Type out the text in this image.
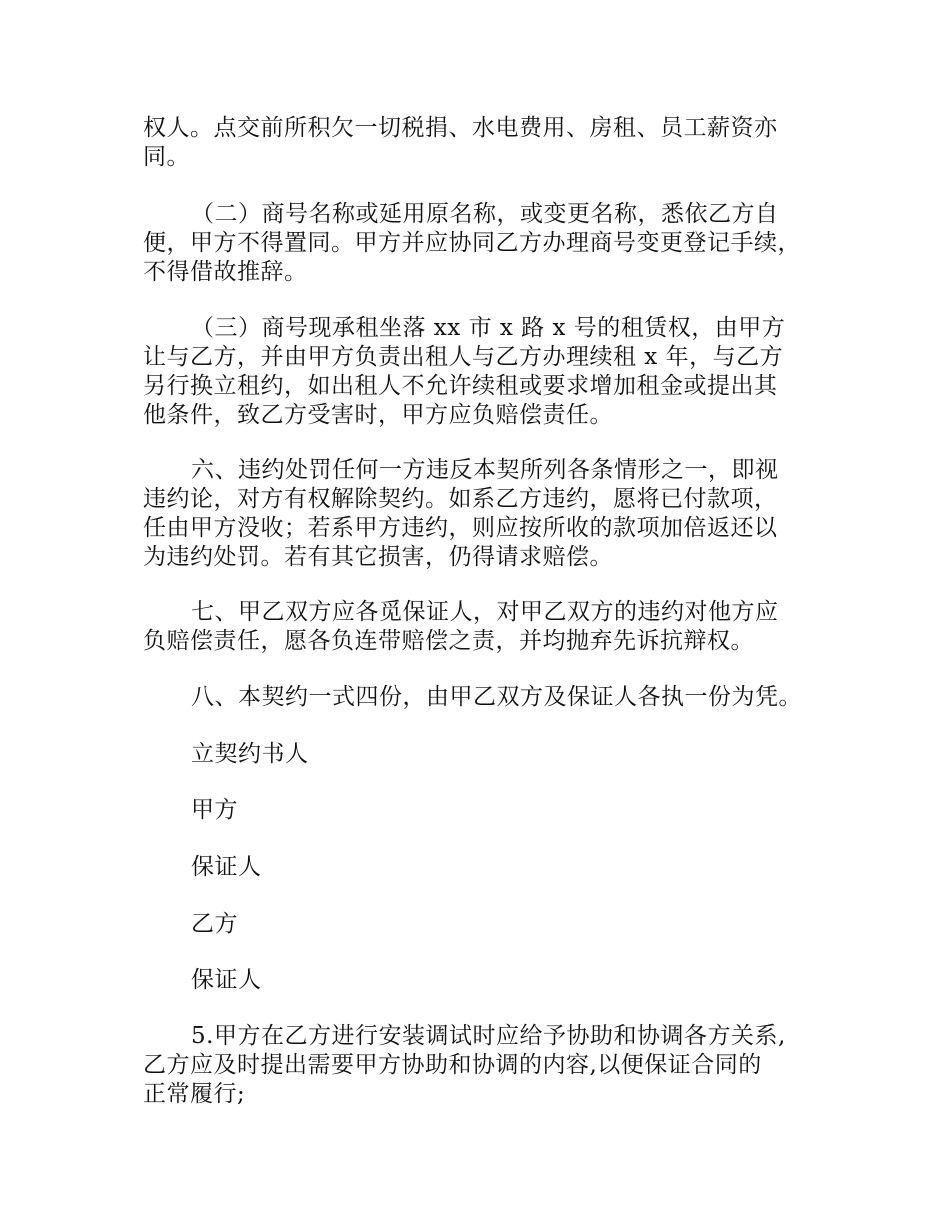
权人。点交前所积欠一切税捐、水电费用、房租、员工薪资亦
同。

（二）商号名称或延用原名称，或变更名称，悉依乙方自
便，甲方不得置同。甲方并应协同乙方办理商号变更登记手续，
不得借故推辞。

（三）商号现承租坐落 xx 市 x 路 x 号的租赁权，由甲方
让与乙方，并由甲方负责出租人与乙方办理续租 x 年，与乙方
另行换立租约，如出租人不允许续租或要求增加租金或提出其
他条件，致乙方受害时，甲方应负赔偿责任。

六、违约处罚任何一方违反本契所列各条情形之一，即视
违约论，对方有权解除契约。如系乙方违约，愿将已付款项，
任由甲方没收；若系甲方违约，则应按所收的款项加倍返还以
为违约处罚。若有其它损害，仍得请求赔偿。

七、甲乙双方应各觅保证人，对甲乙双方的违约对他方应
负赔偿责任，愿各负连带赔偿之责，并均抛弃先诉抗辩权。

八、本契约一式四份，由甲乙双方及保证人各执一份为凭。

立契约书人

甲方

保证人

乙方

保证人

5.甲方在乙方进行安装调试时应给予协助和协调各方关系,
乙方应及时提出需要甲方协助和协调的内容,以便保证合同的
正常履行;
